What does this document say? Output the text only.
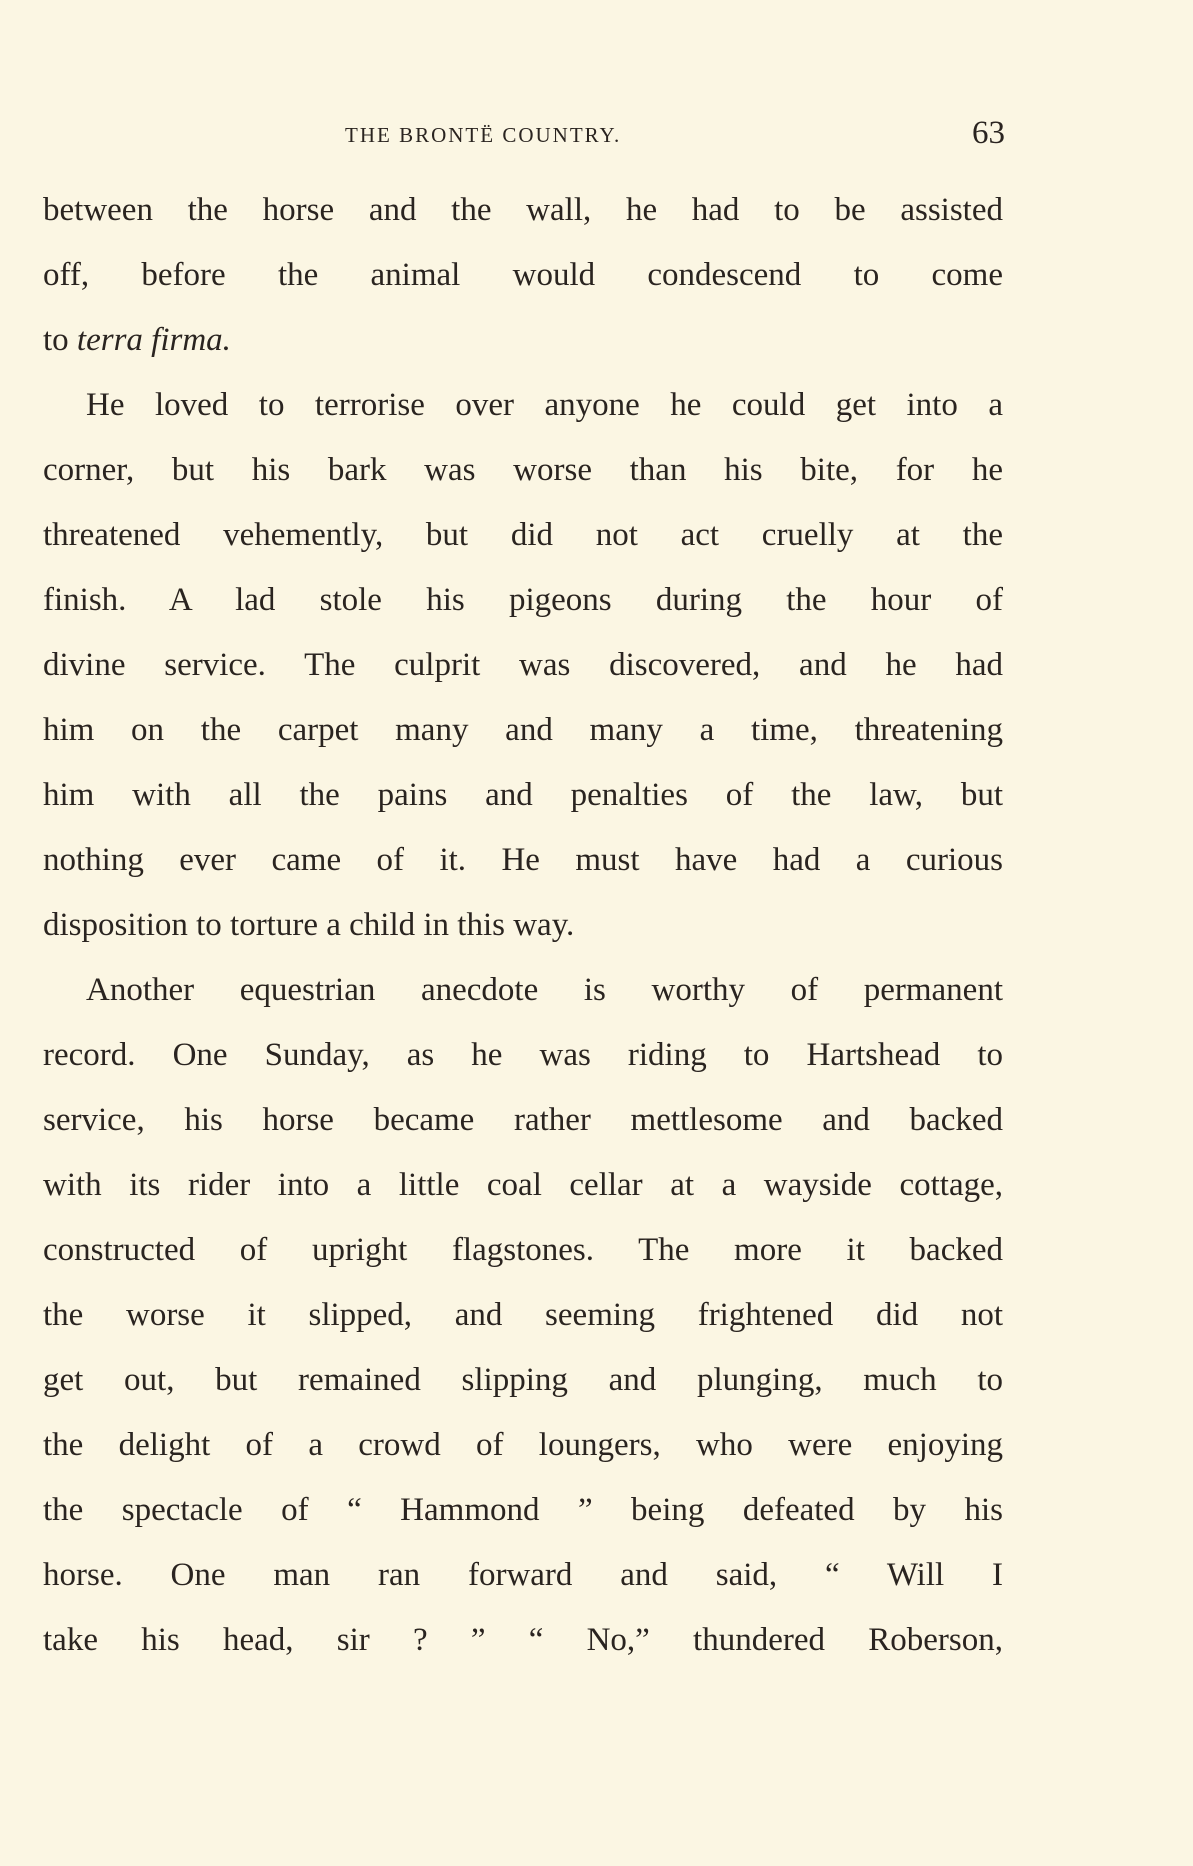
THE BRONTË COUNTRY.	63
between the horse and the wall, he had to be assisted
off, before the animal would condescend to come
to terra firma.
He loved to terrorise over anyone he could get into a
corner, but his bark was worse than his bite, for he
threatened vehemently, but did not act cruelly at the
finish. A lad stole his pigeons during the hour of
divine service. The culprit was discovered, and he had
him on the carpet many and many a time, threatening
him with all the pains and penalties of the law, but
nothing ever came of it. He must have had a curious
disposition to torture a child in this way.
Another equestrian anecdote is worthy of permanent
record. One Sunday, as he was riding to Hartshead to
service, his horse became rather mettlesome and backed
with its rider into a little coal cellar at a wayside cottage,
constructed of upright flagstones. The more it backed
the worse it slipped, and seeming frightened did not
get out, but remained slipping and plunging, much to
the delight of a crowd of loungers, who were enjoying
the spectacle of “ Hammond ” being defeated by his
horse. One man ran forward and said, “ Will I
take his head, sir ? ” “ No,” thundered Roberson,
